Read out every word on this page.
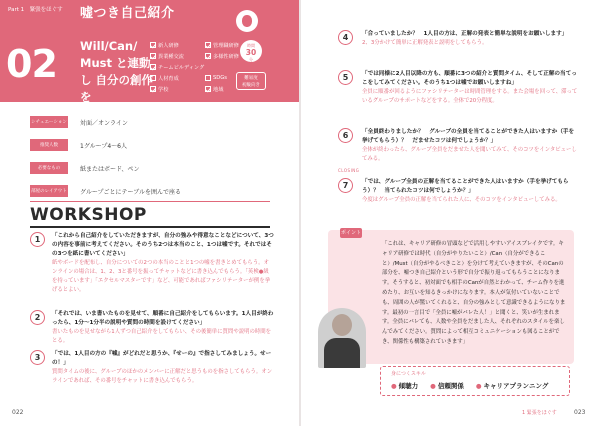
Part 1　緊張をほぐす 嘘つき自己紹介
02 Will/Can/ Must と連動し 自分の創作を
新人研修	管理職研修
異業種交流	多様性研修
チームビルディング
人材育成	SDGs
学校	地域
時間
30
分
難易度
初級向き
シチュエーション 対面／オンライン
推奨人数	1グループ4～6人
必要なもの	紙またはボード、ペン
部屋のレイアウト グループごとにテーブルを囲んで座る
WORKSHOP
1	「これから自己紹介をしていただきますが、自分の強みや得意なことなどについて、3つの内容を事前に考えてください。そのうち2つは本当のこと、1つは嘘です。それではその3つを紙に書いてください」
紙やボードを配布し、自分についての2つの本当のことと1つの嘘を書きとめてもらう。オンラインの場合は、1、2、3と番号を振ってチャットなどに書き込んでもらう。「英検●級を持っています」「エクセルマスターです」など、可能であればファシリテーターが例を挙げるとよい。
2	「それでは、いま書いたものを見せて、順番に自己紹介をしてもらいます。1人目が終わったら、1分～1分半の説明や質問の時間を設けてください」
書いたものを見せながら1人ずつ自己紹介をしてもらい、その後簡単に質問や説明の時間をとる。
3	「では、1人目の方の『嘘』がどれだと思うか、『せーの』で指さしてみましょう。せーの！」
質問タイムの後に、グループのほかのメンバーに正解だと思うものを指さしてもらう。オンラインであれば、その番号をチャットに書き込んでもらう。
022
4	「合っていましたか？　1人目の方は、正解の発表と簡単な説明をお願いします」
2、3分かけて簡単に正解発表と説明をしてもらう。
5	「では同様に2人目以降の方も、順番に3つの紹介と質問タイム、そして正解の当てっこをしてみてください。そのうち1つは嘘でお願いしますね」
全員に順番が回るようにファシリテーターは時間管理をする。また会場を回って、滞っているグループのサポートなどをする。全体で20分程度。
6	「全員終わりましたか？　グループの全員を当てることができた人はいますか（手を挙げてもらう）？　だませたコツは何でしょうか？」
全体が終わったら、グループ全員をだませた人を聞いてみて、そのコツをインタビューしてみる。
7	「では、グループ全員の正解を当てることができた人はいますか（手を挙げてもらう）？　当てられたコツは何でしょうか？」
今度はグループ全員の正解を当てられた人に、そのコツをインタビューしてみる。
CLOSING
ポイント
「これは、キャリア研修の冒頭などで活用しやすいアイスブレイクです。キャリア研修では時代（自分がやりたいこと）/Can（自分ができること）/Must（自分がやるべきこと）を分けて考えていきますが、そのCanの部分を、嘘つき自己紹介という形で自分で振り返ってもらうことになります。そうすると、初対面でも相手のCanが自然とわかって、チーム作りを進めたり、お互いを知るきっかけになります。本人が気付いていないことでも、周囲の人が驚いてくれると、自分の強みとして意識できるようになります。最初の一言目で「全員に嘘がバレた人！」と聞くと、笑いが生まれます。全員にバレても、人数や全員をだました人、それぞれのスタイルを楽しんでみてください。質問によって相互コミュニケーションも図ることができ、関係性も構築されていきます」
身につくスキル
● 傾聴力 ● 信頼関係 ● キャリアプランニング
1 緊張をほぐす	023
